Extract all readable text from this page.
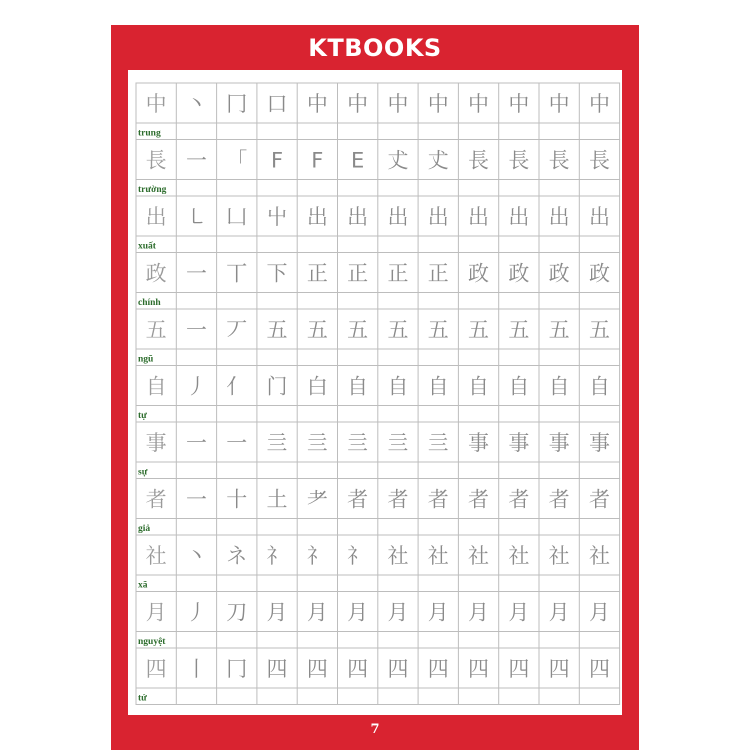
KTBOOKS
中 丶 冂 口 中 中 中 中 中 中 中 中
trung
長 一 「 F F E 𠀋 𠀋 長 長 長 長
trường
出 ㇄ 凵 屮 出 出 出 出 出 出 出 出
xuất
政 一 丅 下 正 正 正 正 政 政 政 政
chính
五 一 丆 五 五 五 五 五 五 五 五 五
ngũ
自 丿 亻 门 白 自 自 自 自 自 自 自
tự
事 一 一 亖 亖 亖 亖 亖 事 事 事 事
sự
者 一 十 土 耂 者 者 者 者 者 者 者
giả
社 丶 ネ 礻 礻 礻 社 社 社 社 社 社
xã
月 丿 刀 月 月 月 月 月 月 月 月 月
nguyệt
四 丨 冂 四 四 四 四 四 四 四 四 四
tứ
7
